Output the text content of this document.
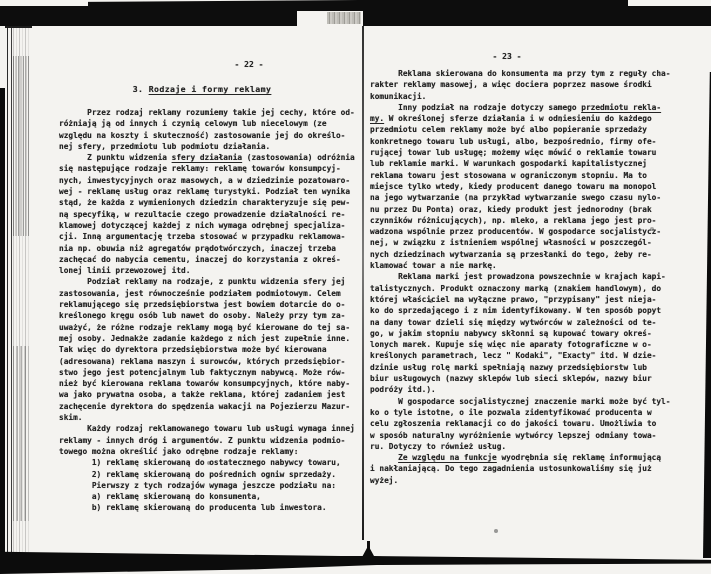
- 22 -
3. Rodzaje i formy reklamy
Przez rodzaj reklamy rozumiemy takie jej cechy, które od-
różniają ją od innych i czynią celowym lub niecelowym (ze
względu na koszty i skuteczność) zastosowanie jej do określo-
nej sfery, przedmiotu lub podmiotu działania.
Z punktu widzenia sfery działania (zastosowania) odróżnia
się następujące rodzaje reklamy: reklamę towarów konsumpcyj-
nych, inwestycyjnych oraz masowych, a w dziedzinie pozatowaro-
wej - reklamę usług oraz reklamę turystyki. Podział ten wynika
stąd, że każda z wymienionych dziedzin charakteryzuje się pew-
ną specyfiką, w rezultacie czego prowadzenie działalności re-
klamowej dotyczącej każdej z nich wymaga odrębnej specjaliza-
cji. Inną argumentację trzeba stosować w przypadku reklamowa-
nia np. obuwia niż agregatów prądotwórczych, inaczej trzeba
zachęcać do nabycia cementu, inaczej do korzystania z okreś-
lonej linii przewozowej itd.
Podział reklamy na rodzaje, z punktu widzenia sfery jej
zastosowania, jest równocześnie podziałem podmiotowym. Celem
reklamującego się przedsiębiorstwa jest bowiem dotarcie do o-
kreślonego kręgu osób lub nawet do osoby. Należy przy tym za-
uważyć, że różne rodzaje reklamy mogą być kierowane do tej sa-
mej osoby. Jednakże zadanie każdego z nich jest zupełnie inne.
Tak więc do dyrektora przedsiębiorstwa może być kierowana
(adresowana) reklama maszyn i surowców, których przedsiębior-
stwo jego jest potencjalnym lub faktycznym nabywcą. Może rów-
nież być kierowana reklama towarów konsumpcyjnych, które naby-
wa jako prywatna osoba, a także reklama, której zadaniem jest
zachęcenie dyrektora do spędzenia wakacji na Pojezierzu Mazur-
skim.
Każdy rodzaj reklamowanego towaru lub usługi wymaga innej
reklamy - innych dróg i argumentów. Z punktu widzenia podmio-
towego można określić jako odrębne rodzaje reklamy:
1) reklamę skierowaną do ostatecznego nabywcy towaru,
2) reklamę skierowaną do pośrednich ogniw sprzedaży.
Pierwszy z tych rodzajów wymaga jeszcze podziału na:
a) reklamę skierowaną do konsumenta,
b) reklamę skierowaną do producenta lub inwestora.
- 23 -
Reklama skierowana do konsumenta ma przy tym z reguły cha-
rakter reklamy masowej, a więc dociera poprzez masowe środki
komunikacji.
Inny podział na rodzaje dotyczy samego przedmiotu rekla-
my. W określonej sferze działania i w odniesieniu do każdego
przedmiotu celem reklamy może być albo popieranie sprzedaży
konkretnego towaru lub usługi, albo, bezpośrednio, firmy ofe-
rującej towar lub usługę; możemy więc mówić o reklamie towaru
lub reklamie marki. W warunkach gospodarki kapitalistycznej
reklama towaru jest stosowana w ograniczonym stopniu. Ma to
miejsce tylko wtedy, kiedy producent danego towaru ma monopol
na jego wytwarzanie (na przykład wytwarzanie swego czasu nylo-
nu przez Du Ponta) oraz, kiedy produkt jest jednorodny (brak
czynników różnicujących), np. mleko, a reklama jego jest pro-
wadzona wspólnie przez producentów. W gospodarce socjalistycz-
nej, w związku z istnieniem wspólnej własności w poszczegól-
nych dziedzinach wytwarzania są przesłanki do tego, żeby re-
klamować towar a nie markę.
Reklama marki jest prowadzona powszechnie w krajach kapi-
talistycznych. Produkt oznaczony marką (znakiem handlowym), do
której właściciel ma wyłączne prawo, "przypisany" jest nieja-
ko do sprzedającego i z nim identyfikowany. W ten sposób popyt
na dany towar dzieli się między wytwórców w zależności od te-
go, w jakim stopniu nabywcy skłonni są kupować towary okreś-
lonych marek. Kupuje się więc nie aparaty fotograficzne w o-
kreślonych parametrach, lecz " Kodaki", "Exacty" itd. W dzie-
dzinie usług rolę marki spełniają nazwy przedsiębiorstw lub
biur usługowych (nazwy sklepów lub sieci sklepów, nazwy biur
podróży itd.).
W gospodarce socjalistycznej znaczenie marki może być tyl-
ko o tyle istotne, o ile pozwala zidentyfikować producenta w
celu zgłoszenia reklamacji co do jakości towaru. Umożliwia to
w sposób naturalny wyróżnienie wytwórcy lepszej odmiany towa-
ru. Dotyczy to również usług.
Ze względu na funkcje wyodrębnia się reklamę informującą
i nakłaniającą. Do tego zagadnienia ustosunkowaliśmy się już
wyżej.
